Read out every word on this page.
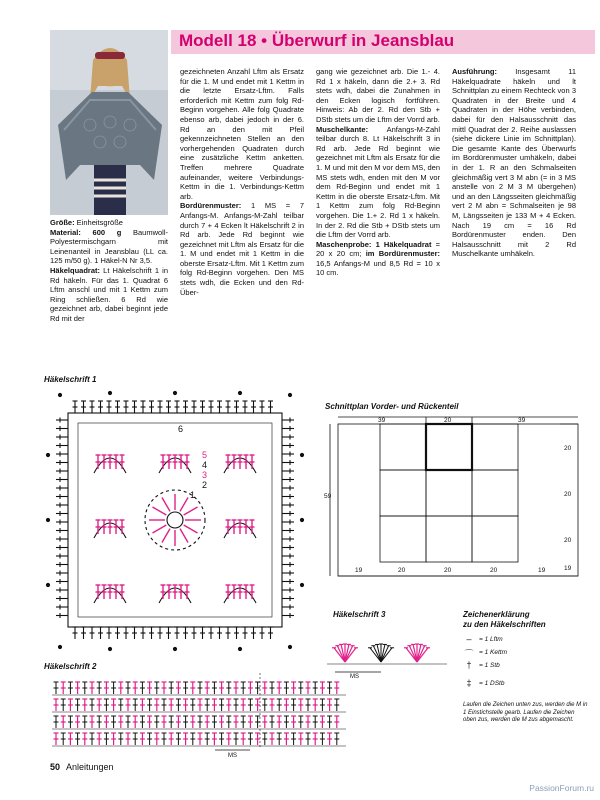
Modell 18 • Überwurf in Jeansblau

Größe: Einheitsgröße

Material: 600 g Baumwoll-Polyestermischgarn mit Leinenanteil in Jeansblau (LL ca. 125 m/50 g). 1 Häkel-N Nr 3,5.

Häkelquadrat: Lt Häkelschrift 1 in Rd häkeln. Für das 1. Quadrat 6 Lftm anschl und mit 1 Kettm zum Ring schließen. 6 Rd wie gezeichnet arb, dabei beginnt jede Rd mit der

gezeichneten Anzahl Lftm als Ersatz für die 1. M und endet mit 1 Kettm in die letzte Ersatz-Lftm. Falls erforderlich mit Kettm zum folg Rd-Beginn vorgehen. Alle folg Quadrate ebenso arb, dabei jedoch in der 6. Rd an den mit Pfeil gekennzeichneten Stellen an den vorhergehenden Quadraten durch eine zusätzliche Kettm anketten. Treffen mehrere Quadrate aufeinander, weitere Verbindungs-Kettm in die 1. Verbindungs-Kettm arb.

Bordürenmuster: 1 MS = 7 Anfangs-M. Anfangs-M-Zahl teilbar durch 7 + 4 Ecken lt Häkelschrift 2 in Rd arb. Jede Rd beginnt wie gezeichnet mit Lftm als Ersatz für die 1. M und endet mit 1 Kettm in die oberste Ersatz-Lftm. Mit 1 Kettm zum folg Rd-Beginn vorgehen. Den MS stets wdh, die Ecken und den Rd-Über-

gang wie gezeichnet arb. Die 1.- 4. Rd 1 x häkeln, dann die 2.+ 3. Rd stets wdh, dabei die Zunahmen in den Ecken logisch fortführen. Hinweis: Ab der 2. Rd den Stb + DStb stets um die Lftm der Vorrd arb.

Muschelkante: Anfangs-M-Zahl teilbar durch 8. Lt Häkelschrift 3 in Rd arb. Jede Rd beginnt wie gezeichnet mit Lftm als Ersatz für die 1. M und mit den M vor dem MS, den MS stets wdh, enden mit den M vor dem Rd-Beginn und endet mit 1 Kettm in die oberste Ersatz-Lftm. Mit 1 Kettm zum folg Rd-Beginn vorgehen. Die 1.+ 2. Rd 1 x häkeln. In der 2. Rd die Stb + DStb stets um die Lftm der Vorrd arb.

Maschenprobe: 1 Häkelquadrat = 20 x 20 cm; im Bordürenmuster: 16,5 Anfangs-M und 8,5 Rd = 10 x 10 cm.

Ausführung: Insgesamt 11 Häkelquadrate häkeln und lt Schnittplan zu einem Rechteck von 3 Quadraten in der Breite und 4 Quadraten in der Höhe verbinden, dabei für den Halsausschnitt das mittl Quadrat der 2. Reihe auslassen (siehe dickere Linie im Schnittplan). Die gesamte Kante des Überwurfs im Bordürenmuster umhäkeln, dabei in der 1. R an den Schmalseiten gleichmäßig vert 3 M abn (= in 3 MS anstelle von 2 M 3 M übergehen) und an den Längsseiten gleichmäßig vert 2 M abn = Schmalseiten je 98 M, Längsseiten je 133 M + 4 Ecken. Nach 19 cm = 16 Rd Bordürenmuster enden. Den Halsausschnitt mit 2 Rd Muschelkante umhäkeln.

Häkelschrift 1
6
5
4
3
2
1
Schnittplan Vorder- und Rückenteil
39	20	39
20
20
20
19
59
19	20	20	20	19
Häkelschrift 3
MS
Zeichenerklärung
zu den Häkelschriften
–	= 1 Lftm
⌒ = 1 Kettm
†	= 1 Stb
‡	= 1 DStb
Laufen die Zeichen unten zus, werden die M in 1 Einstichstelle gearb. Laufen die Zeichen oben zus, werden die M zus abgemascht.
Häkelschrift 2
MS
50 Anleitungen
PassionForum.ru
